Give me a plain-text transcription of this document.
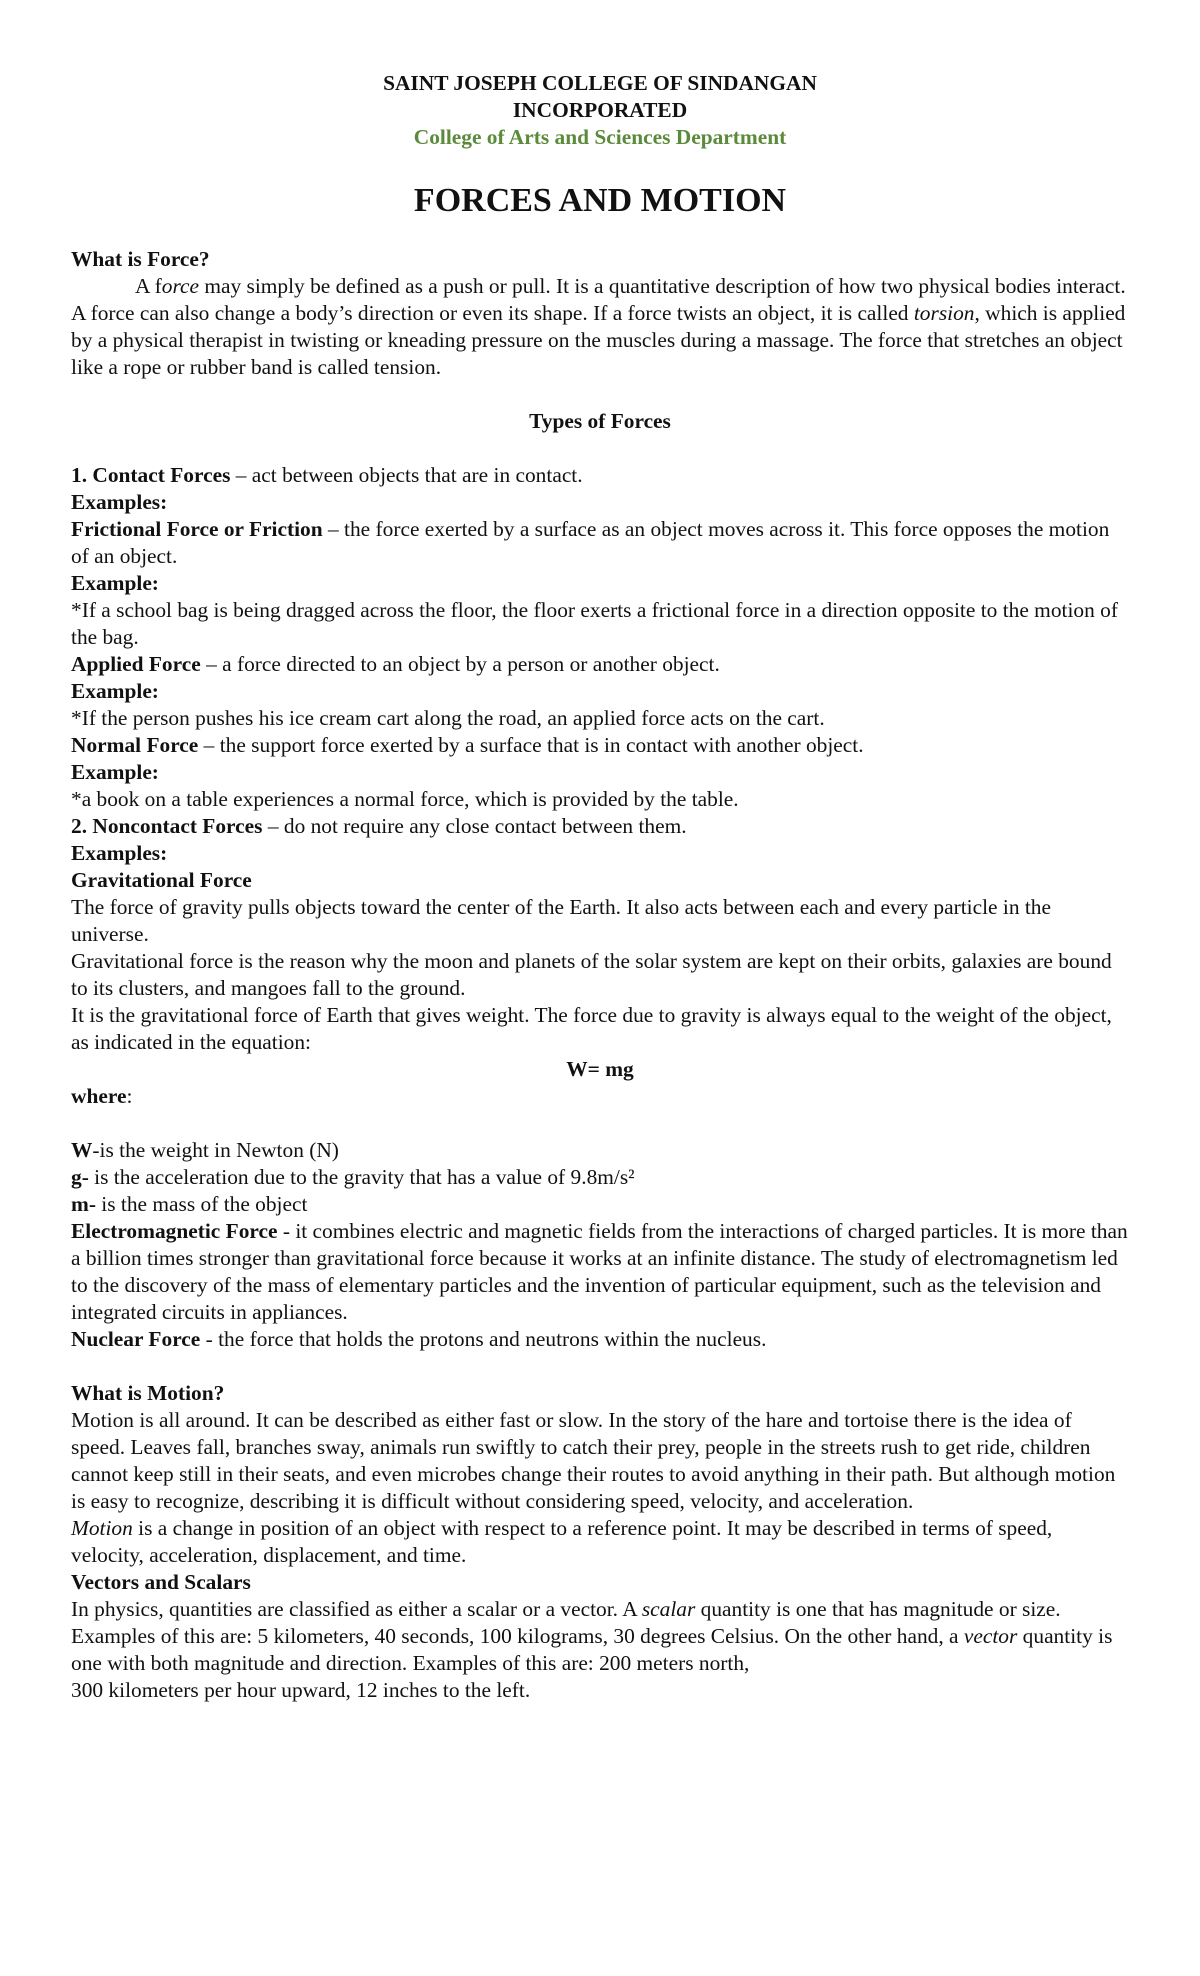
SAINT JOSEPH COLLEGE OF SINDANGAN
INCORPORATED
College of Arts and Sciences Department
FORCES AND MOTION

What is Force?

A force may simply be defined as a push or pull. It is a quantitative description of how two physical bodies interact. A force can also change a body’s direction or even its shape. If a force twists an object, it is called torsion, which is applied by a physical therapist in twisting or kneading pressure on the muscles during a massage. The force that stretches an object like a rope or rubber band is called tension.

Types of Forces

1. Contact Forces – act between objects that are in contact.

Examples:

Frictional Force or Friction – the force exerted by a surface as an object moves across it. This force opposes the motion of an object.

Example:

*If a school bag is being dragged across the floor, the floor exerts a frictional force in a direction opposite to the motion of the bag.

Applied Force – a force directed to an object by a person or another object.

Example:

*If the person pushes his ice cream cart along the road, an applied force acts on the cart.

Normal Force – the support force exerted by a surface that is in contact with another object.

Example:

*a book on a table experiences a normal force, which is provided by the table.

2. Noncontact Forces – do not require any close contact between them.

Examples:

Gravitational Force

The force of gravity pulls objects toward the center of the Earth. It also acts between each and every particle in the universe.

Gravitational force is the reason why the moon and planets of the solar system are kept on their orbits, galaxies are bound to its clusters, and mangoes fall to the ground.

It is the gravitational force of Earth that gives weight. The force due to gravity is always equal to the weight of the object, as indicated in the equation:

W= mg

where:

W-is the weight in Newton (N)

g- is the acceleration due to the gravity that has a value of 9.8m/s²

m- is the mass of the object

Electromagnetic Force - it combines electric and magnetic fields from the interactions of charged particles. It is more than a billion times stronger than gravitational force because it works at an infinite distance. The study of electromagnetism led to the discovery of the mass of elementary particles and the invention of particular equipment, such as the television and integrated circuits in appliances.

Nuclear Force - the force that holds the protons and neutrons within the nucleus.

What is Motion?

Motion is all around. It can be described as either fast or slow. In the story of the hare and tortoise there is the idea of speed. Leaves fall, branches sway, animals run swiftly to catch their prey, people in the streets rush to get ride, children cannot keep still in their seats, and even microbes change their routes to avoid anything in their path. But although motion is easy to recognize, describing it is difficult without considering speed, velocity, and acceleration.

Motion is a change in position of an object with respect to a reference point. It may be described in terms of speed, velocity, acceleration, displacement, and time.

Vectors and Scalars

In physics, quantities are classified as either a scalar or a vector. A scalar quantity is one that has magnitude or size. Examples of this are: 5 kilometers, 40 seconds, 100 kilograms, 30 degrees Celsius. On the other hand, a vector quantity is one with both magnitude and direction. Examples of this are: 200 meters north,

300 kilometers per hour upward, 12 inches to the left.
